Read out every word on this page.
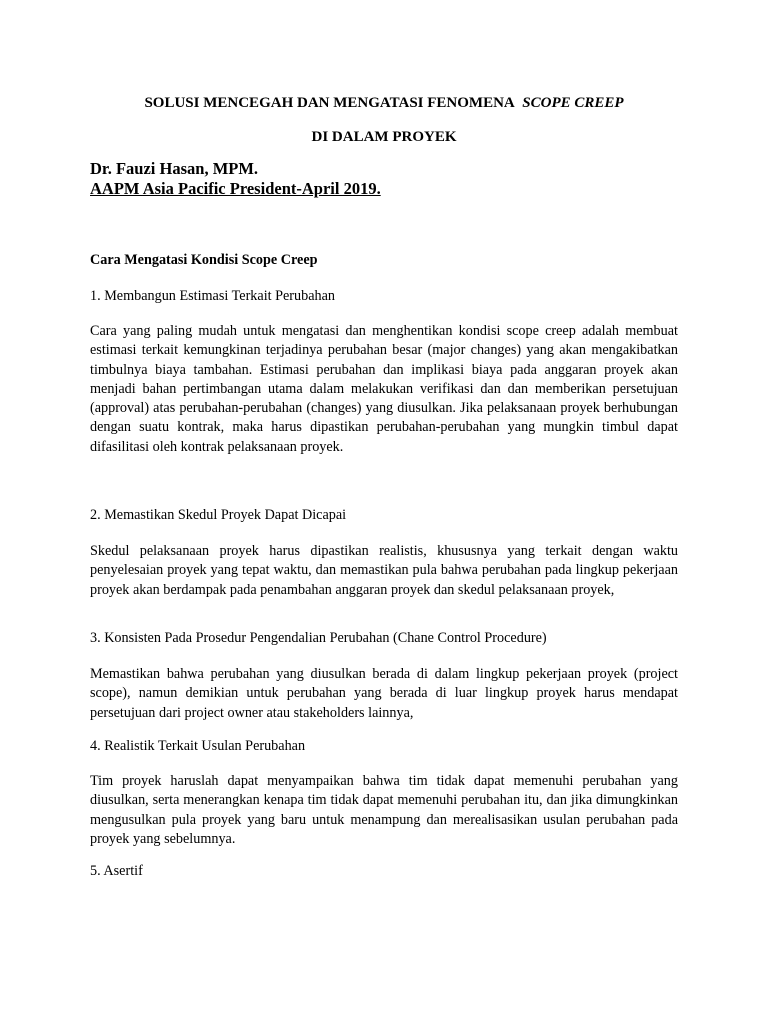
SOLUSI MENCEGAH DAN MENGATASI FENOMENA SCOPE CREEP

DI DALAM PROYEK

Dr. Fauzi Hasan, MPM.
AAPM Asia Pacific President-April 2019.

Cara Mengatasi Kondisi Scope Creep

1. Membangun Estimasi Terkait Perubahan

Cara yang paling mudah untuk mengatasi dan menghentikan kondisi scope creep adalah membuat estimasi terkait kemungkinan terjadinya perubahan besar (major changes) yang akan mengakibatkan timbulnya biaya tambahan. Estimasi perubahan dan implikasi biaya pada anggaran proyek akan menjadi bahan pertimbangan utama dalam melakukan verifikasi dan dan memberikan persetujuan (approval) atas perubahan-perubahan (changes) yang diusulkan. Jika pelaksanaan proyek berhubungan dengan suatu kontrak, maka harus dipastikan perubahan-perubahan yang mungkin timbul dapat difasilitasi oleh kontrak pelaksanaan proyek.

2. Memastikan Skedul Proyek Dapat Dicapai

Skedul pelaksanaan proyek harus dipastikan realistis, khususnya yang terkait dengan waktu penyelesaian proyek yang tepat waktu, dan memastikan pula bahwa perubahan pada lingkup pekerjaan proyek akan berdampak pada penambahan anggaran proyek dan skedul pelaksanaan proyek,

3. Konsisten Pada Prosedur Pengendalian Perubahan (Chane Control Procedure)

Memastikan bahwa perubahan yang diusulkan berada di dalam lingkup pekerjaan proyek (project scope), namun demikian untuk perubahan yang berada di luar lingkup proyek harus mendapat persetujuan dari project owner atau stakeholders lainnya,

4. Realistik Terkait Usulan Perubahan

Tim proyek haruslah dapat menyampaikan bahwa tim tidak dapat memenuhi perubahan yang diusulkan, serta menerangkan kenapa tim tidak dapat memenuhi perubahan itu, dan jika dimungkinkan mengusulkan pula proyek yang baru untuk menampung dan merealisasikan usulan perubahan pada proyek yang sebelumnya.

5. Asertif
